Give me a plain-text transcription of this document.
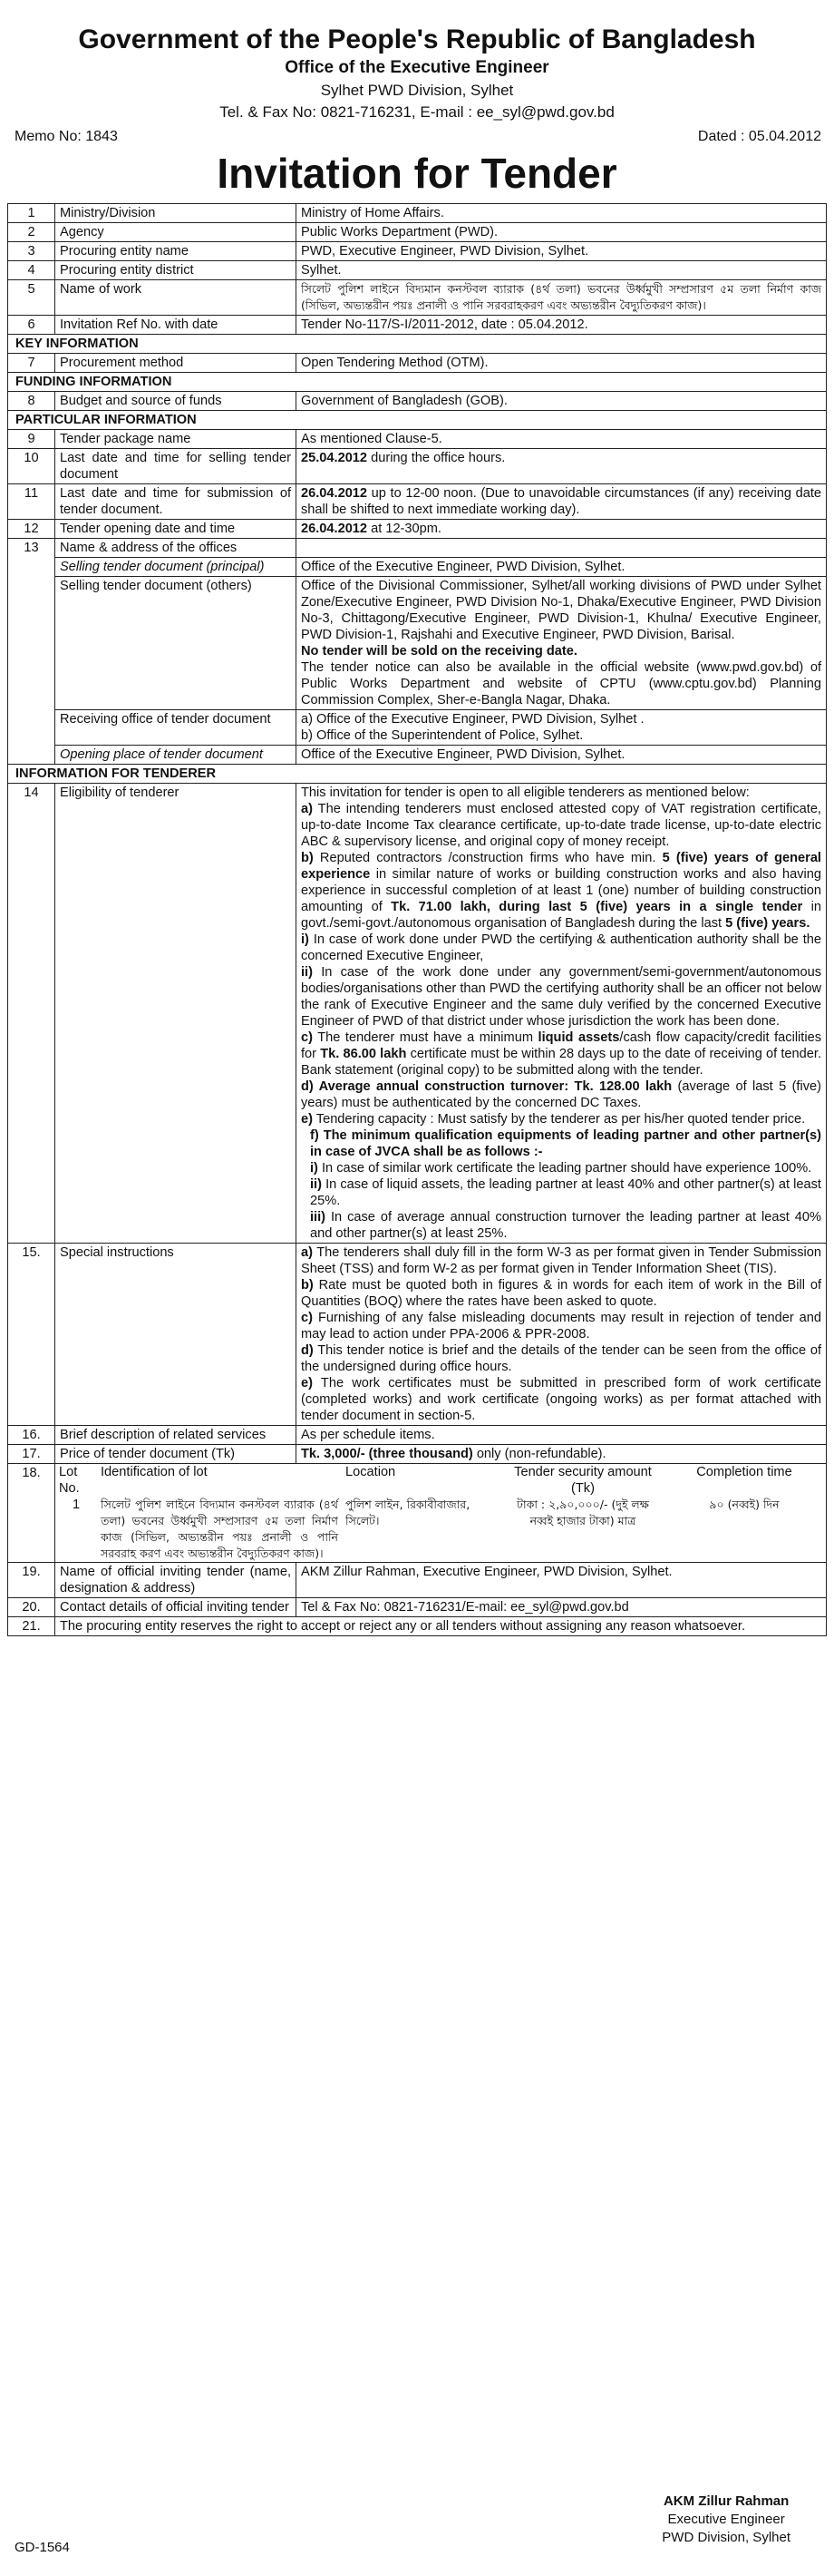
Government of the People's Republic of Bangladesh
Office of the Executive Engineer
Sylhet PWD Division, Sylhet
Tel. & Fax No: 0821-716231, E-mail : ee_syl@pwd.gov.bd
Memo No: 1843	Dated : 05.04.2012
Invitation for Tender
1	Ministry/Division	Ministry of Home Affairs.
2	Agency	Public Works Department (PWD).
3	Procuring entity name	PWD, Executive Engineer, PWD Division, Sylhet.
4	Procuring entity district	Sylhet.
5	Name of work	সিলেট পুলিশ লাইনে বিদ্যমান কনস্টবল ব্যারাক (৪র্থ তলা) ভবনের উর্ধ্বমুখী সম্প্রসারণ ৫ম তলা নির্মাণ কাজ (সিভিল, অভ্যন্তরীন পয়ঃ প্রনালী ও পানি সরবরাহকরণ এবং অভ্যন্তরীন বৈদ্যুতিকরণ কাজ)।
6	Invitation Ref No. with date	Tender No-117/S-I/2011-2012, date : 05.04.2012.
KEY INFORMATION
7	Procurement method	Open Tendering Method (OTM).
FUNDING INFORMATION
8	Budget and source of funds	Government of Bangladesh (GOB).
PARTICULAR INFORMATION
9	Tender package name	As mentioned Clause-5.
10	Last date and time for selling tender document	25.04.2012 during the office hours.
11	Last date and time for submission of tender document.	26.04.2012 up to 12-00 noon. (Due to unavoidable circumstances (if any) receiving date shall be shifted to next immediate working day).
12	Tender opening date and time	26.04.2012 at 12-30pm.
13	Name & address of the offices	
Selling tender document (principal)	Office of the Executive Engineer, PWD Division, Sylhet.
Selling tender document (others)	Office of the Divisional Commissioner, Sylhet/all working divisions of PWD under Sylhet Zone/Executive Engineer, PWD Division No-1, Dhaka/Executive Engineer, PWD Division No-3, Chittagong/Executive Engineer, PWD Division-1, Khulna/ Executive Engineer, PWD Division-1, Rajshahi and Executive Engineer, PWD Division, Barisal.

No tender will be sold on the receiving date.

The tender notice can also be available in the official website (www.pwd.gov.bd) of Public Works Department and website of CPTU (www.cptu.gov.bd) Planning Commission Complex, Sher-e-Bangla Nagar, Dhaka.

Receiving office of tender document	a) Office of the Executive Engineer, PWD Division, Sylhet .
b) Office of the Superintendent of Police, Sylhet.

Opening place of tender document	Office of the Executive Engineer, PWD Division, Sylhet.
INFORMATION FOR TENDERER
14	Eligibility of tenderer	This invitation for tender is open to all eligible tenderers as mentioned below:

a) The intending tenderers must enclosed attested copy of VAT registration certificate, up-to-date Income Tax clearance certificate, up-to-date trade license, up-to-date electric ABC & supervisory license, and original copy of money receipt.

b) Reputed contractors /construction firms who have min. 5 (five) years of general experience in similar nature of works or building construction works and also having experience in successful completion of at least 1 (one) number of building construction amounting of Tk. 71.00 lakh, during last 5 (five) years in a single tender in govt./semi-govt./autonomous organisation of Bangladesh during the last 5 (five) years.

i) In case of work done under PWD the certifying & authentication authority shall be the concerned Executive Engineer,

ii) In case of the work done under any government/semi-government/autonomous bodies/organisations other than PWD the certifying authority shall be an officer not below the rank of Executive Engineer and the same duly verified by the concerned Executive Engineer of PWD of that district under whose jurisdiction the work has been done.

c) The tenderer must have a minimum liquid assets/cash flow capacity/credit facilities for Tk. 86.00 lakh certificate must be within 28 days up to the date of receiving of tender. Bank statement (original copy) to be submitted along with the tender.

d) Average annual construction turnover: Tk. 128.00 lakh (average of last 5 (five) years) must be authenticated by the concerned DC Taxes.

e) Tendering capacity : Must satisfy by the tenderer as per his/her quoted tender price.

f) The minimum qualification equipments of leading partner and other partner(s) in case of JVCA shall be as follows :-

i) In case of similar work certificate the leading partner should have experience 100%.

ii) In case of liquid assets, the leading partner at least 40% and other partner(s) at least 25%.

iii) In case of average annual construction turnover the leading partner at least 40% and other partner(s) at least 25%.

15.	Special instructions	a) The tenderers shall duly fill in the form W-3 as per format given in Tender Submission Sheet (TSS) and form W-2 as per format given in Tender Information Sheet (TIS).

b) Rate must be quoted both in figures & in words for each item of work in the Bill of Quantities (BOQ) where the rates have been asked to quote.

c) Furnishing of any false misleading documents may result in rejection of tender and may lead to action under PPA-2006 & PPR-2008.

d) This tender notice is brief and the details of the tender can be seen from the office of the undersigned during office hours.

e) The work certificates must be submitted in prescribed form of work certificate (completed works) and work certificate (ongoing works) as per format attached with tender document in section-5.

16.	Brief description of related services	As per schedule items.
17.	Price of tender document (Tk)	Tk. 3,000/- (three thousand) only (non-refundable).
18.	Lot No.	Identification of lot	Location	Tender security amount (Tk)	Completion time
1	সিলেট পুলিশ লাইনে বিদ্যমান কনস্টবল ব্যারাক (৪র্থ তলা) ভবনের উর্ধ্বমুখী সম্প্রসারণ ৫ম তলা নির্মাণ কাজ (সিভিল, অভ্যন্তরীন পয়ঃ প্রনালী ও পানি সরবরাহ করণ এবং অভ্যন্তরীন বৈদ্যুতিকরণ কাজ)।	পুলিশ লাইন, রিকাবীবাজার, সিলেট।	টাকা : ২,৯০,০০০/- (দুই লক্ষ নব্বই হাজার টাকা) মাত্র	৯০ (নব্বই) দিন

19.	Name of official inviting tender (name, designation & address)	AKM Zillur Rahman, Executive Engineer, PWD Division, Sylhet.
20.	Contact details of official inviting tender	Tel & Fax No: 0821-716231/E-mail: ee_syl@pwd.gov.bd
21.	The procuring entity reserves the right to accept or reject any or all tenders without assigning any reason whatsoever.
AKM Zillur Rahman
Executive Engineer
PWD Division, Sylhet
GD-1564
